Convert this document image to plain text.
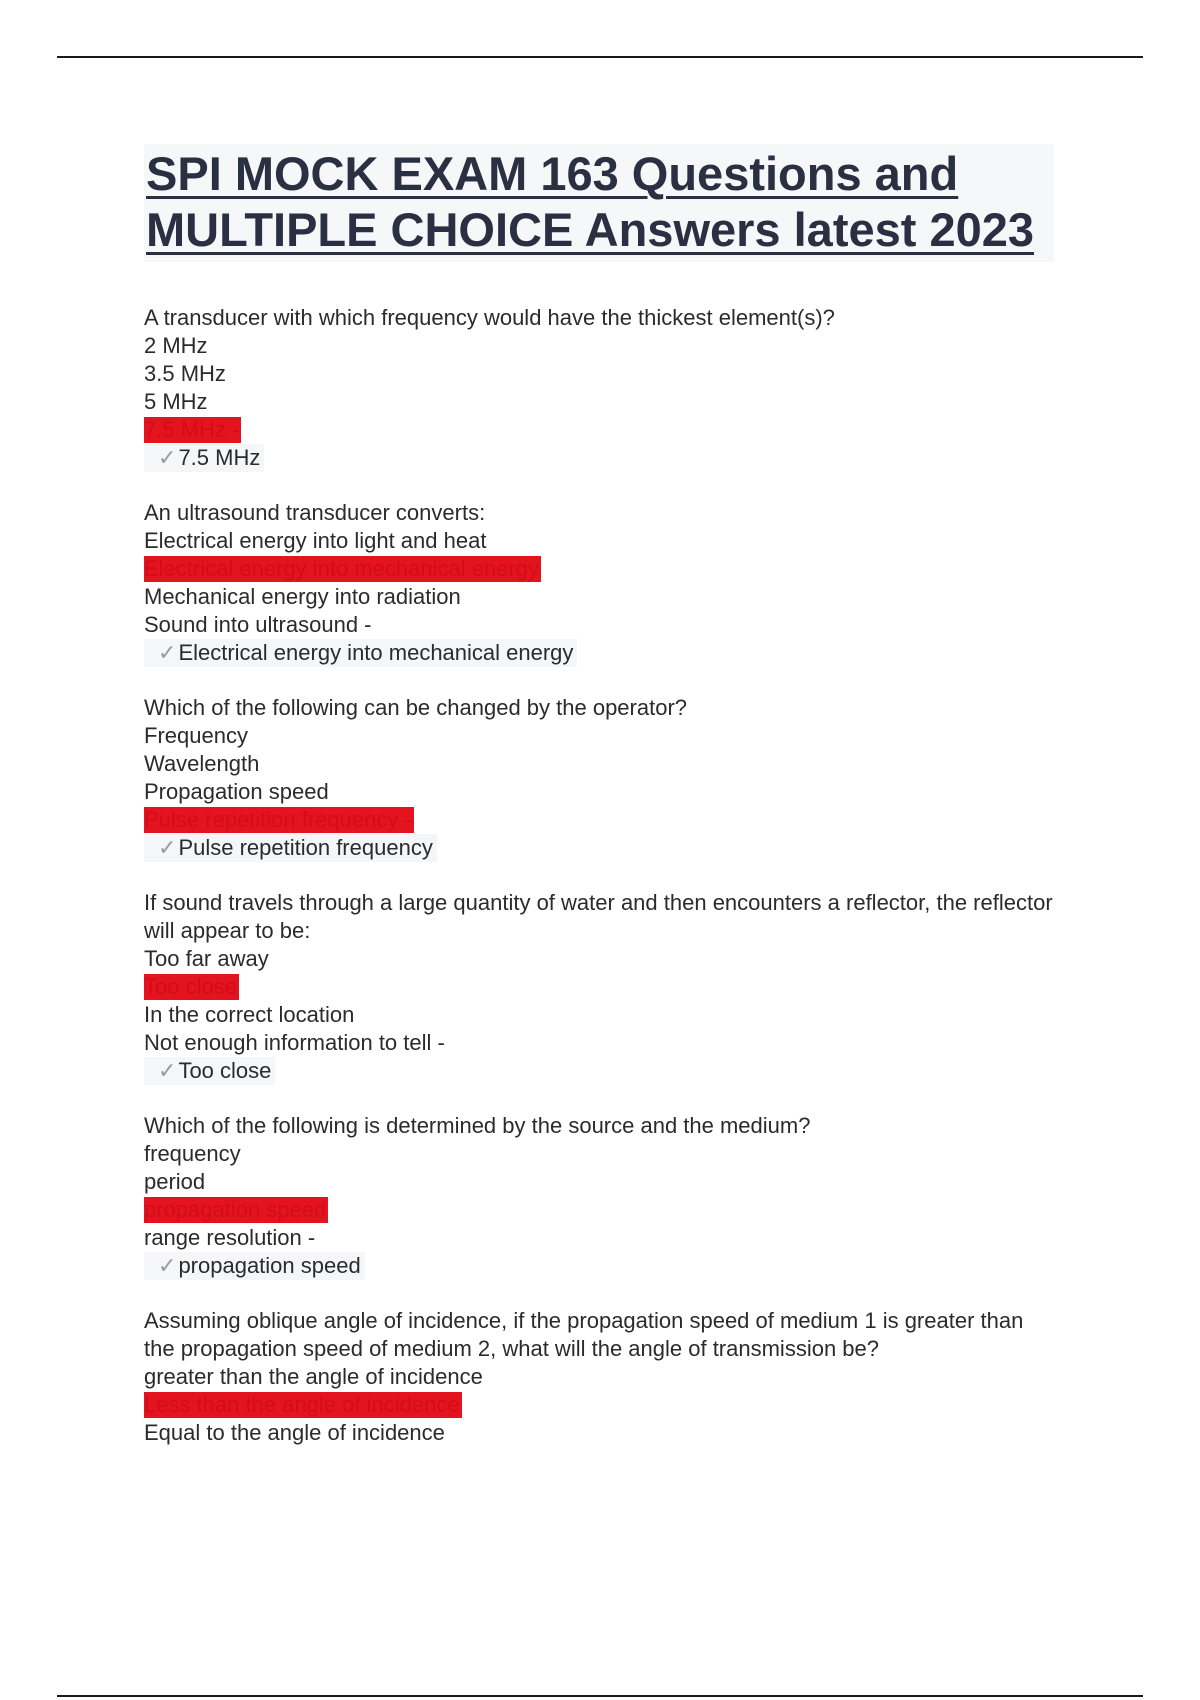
SPI MOCK EXAM 163 Questions and MULTIPLE CHOICE Answers latest 2023
A transducer with which frequency would have the thickest element(s)?
2 MHz
3.5 MHz
5 MHz
7.5 MHz -
✓7.5 MHz
An ultrasound transducer converts:
Electrical energy into light and heat
Electrical energy into mechanical energy
Mechanical energy into radiation
Sound into ultrasound -
✓Electrical energy into mechanical energy
Which of the following can be changed by the operator?
Frequency
Wavelength
Propagation speed
Pulse repetition frequency -
✓Pulse repetition frequency
If sound travels through a large quantity of water and then encounters a reflector, the reflector will appear to be:
Too far away
Too close
In the correct location
Not enough information to tell -
✓Too close
Which of the following is determined by the source and the medium?
frequency
period
propagation speed
range resolution -
✓propagation speed
Assuming oblique angle of incidence, if the propagation speed of medium 1 is greater than the propagation speed of medium 2, what will the angle of transmission be?
greater than the angle of incidence
Less than the angle of incidence
Equal to the angle of incidence
